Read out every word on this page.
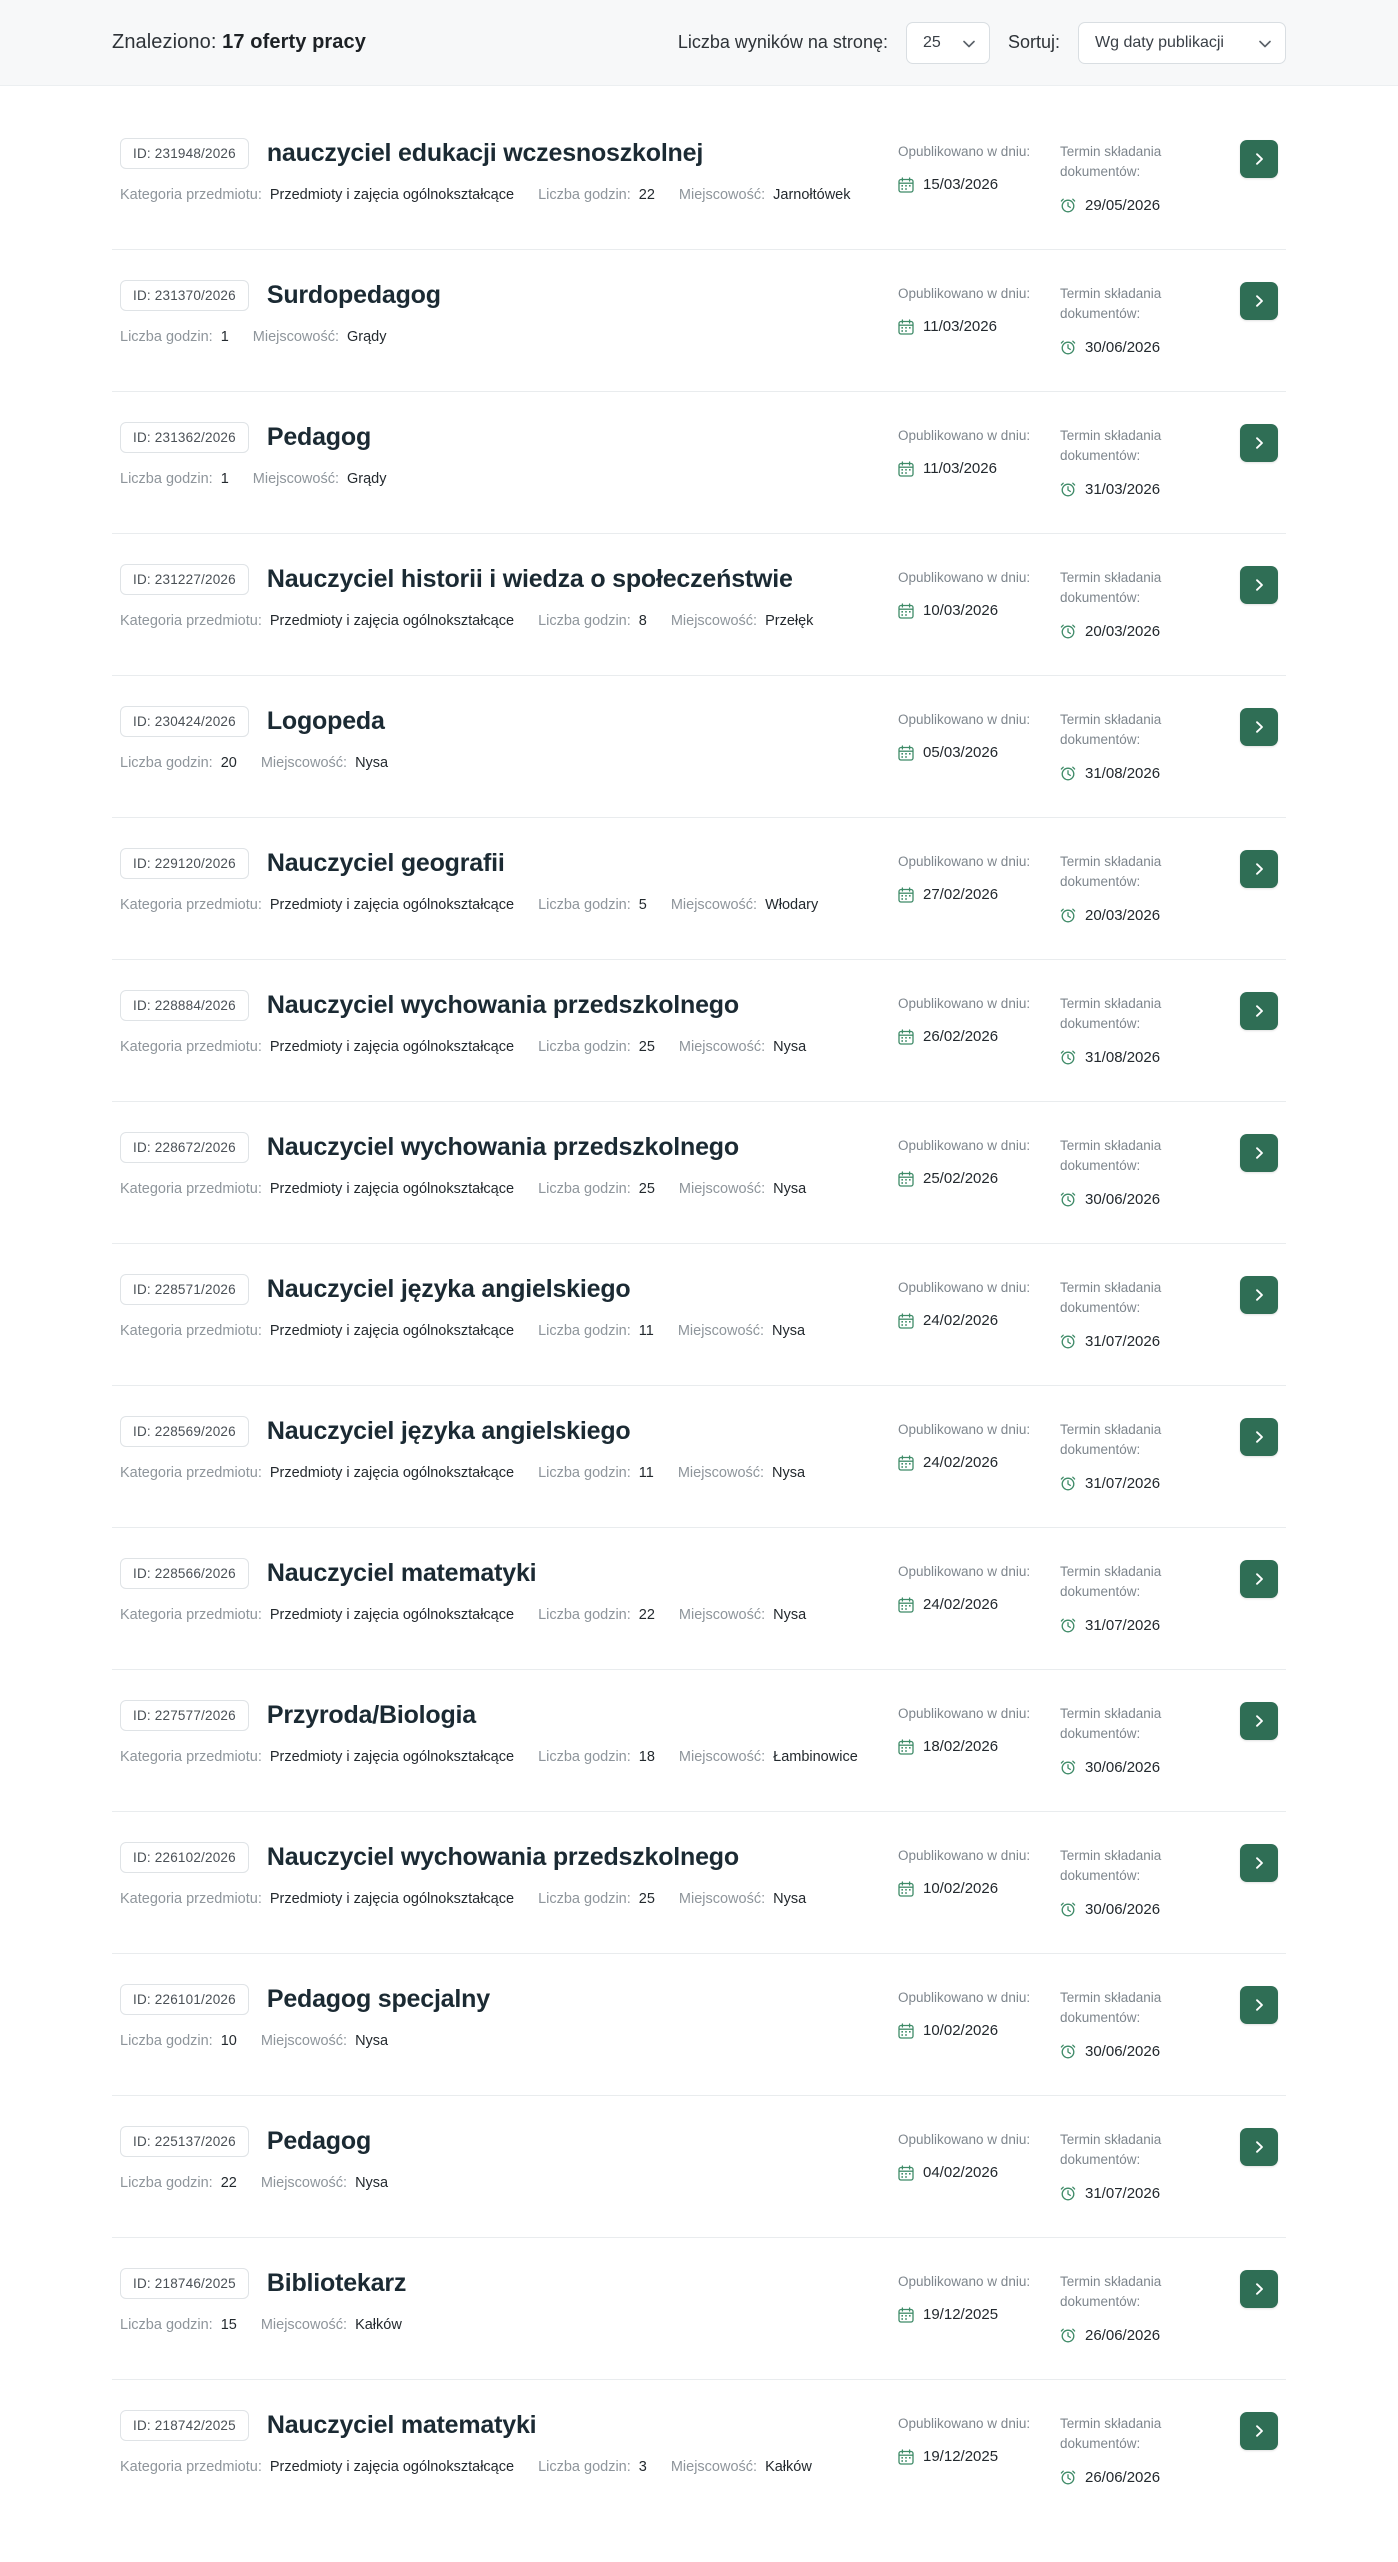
Znaleziono: 17 oferty pracy	Liczba wyników na stronę: 25	Sortuj: Wg daty publikacji
ID: 231948/2026	nauczyciel edukacji wczesnoszkolnej
Kategoria przedmiotu: Przedmioty i zajęcia ogólnokształcące Liczba godzin: 22 Miejscowość: Jarnołtówek
Opublikowano w dniu:
15/03/2026
Termin składania dokumentów:
29/05/2026
ID: 231370/2026	Surdopedagog
Liczba godzin: 1 Miejscowość: Grądy
Opublikowano w dniu:
11/03/2026
Termin składania dokumentów:
30/06/2026
ID: 231362/2026	Pedagog
Liczba godzin: 1 Miejscowość: Grądy
Opublikowano w dniu:
11/03/2026
Termin składania dokumentów:
31/03/2026
ID: 231227/2026	Nauczyciel historii i wiedza o społeczeństwie
Kategoria przedmiotu: Przedmioty i zajęcia ogólnokształcące Liczba godzin: 8 Miejscowość: Przełęk
Opublikowano w dniu:
10/03/2026
Termin składania dokumentów:
20/03/2026
ID: 230424/2026	Logopeda
Liczba godzin: 20 Miejscowość: Nysa
Opublikowano w dniu:
05/03/2026
Termin składania dokumentów:
31/08/2026
ID: 229120/2026	Nauczyciel geografii
Kategoria przedmiotu: Przedmioty i zajęcia ogólnokształcące Liczba godzin: 5 Miejscowość: Włodary
Opublikowano w dniu:
27/02/2026
Termin składania dokumentów:
20/03/2026
ID: 228884/2026	Nauczyciel wychowania przedszkolnego
Kategoria przedmiotu: Przedmioty i zajęcia ogólnokształcące Liczba godzin: 25 Miejscowość: Nysa
Opublikowano w dniu:
26/02/2026
Termin składania dokumentów:
31/08/2026
ID: 228672/2026	Nauczyciel wychowania przedszkolnego
Kategoria przedmiotu: Przedmioty i zajęcia ogólnokształcące Liczba godzin: 25 Miejscowość: Nysa
Opublikowano w dniu:
25/02/2026
Termin składania dokumentów:
30/06/2026
ID: 228571/2026	Nauczyciel języka angielskiego
Kategoria przedmiotu: Przedmioty i zajęcia ogólnokształcące Liczba godzin: 11 Miejscowość: Nysa
Opublikowano w dniu:
24/02/2026
Termin składania dokumentów:
31/07/2026
ID: 228569/2026	Nauczyciel języka angielskiego
Kategoria przedmiotu: Przedmioty i zajęcia ogólnokształcące Liczba godzin: 11 Miejscowość: Nysa
Opublikowano w dniu:
24/02/2026
Termin składania dokumentów:
31/07/2026
ID: 228566/2026	Nauczyciel matematyki
Kategoria przedmiotu: Przedmioty i zajęcia ogólnokształcące Liczba godzin: 22 Miejscowość: Nysa
Opublikowano w dniu:
24/02/2026
Termin składania dokumentów:
31/07/2026
ID: 227577/2026	Przyroda/Biologia
Kategoria przedmiotu: Przedmioty i zajęcia ogólnokształcące Liczba godzin: 18 Miejscowość: Łambinowice
Opublikowano w dniu:
18/02/2026
Termin składania dokumentów:
30/06/2026
ID: 226102/2026	Nauczyciel wychowania przedszkolnego
Kategoria przedmiotu: Przedmioty i zajęcia ogólnokształcące Liczba godzin: 25 Miejscowość: Nysa
Opublikowano w dniu:
10/02/2026
Termin składania dokumentów:
30/06/2026
ID: 226101/2026	Pedagog specjalny
Liczba godzin: 10 Miejscowość: Nysa
Opublikowano w dniu:
10/02/2026
Termin składania dokumentów:
30/06/2026
ID: 225137/2026	Pedagog
Liczba godzin: 22 Miejscowość: Nysa
Opublikowano w dniu:
04/02/2026
Termin składania dokumentów:
31/07/2026
ID: 218746/2025	Bibliotekarz
Liczba godzin: 15 Miejscowość: Kałków
Opublikowano w dniu:
19/12/2025
Termin składania dokumentów:
26/06/2026
ID: 218742/2025	Nauczyciel matematyki
Kategoria przedmiotu: Przedmioty i zajęcia ogólnokształcące Liczba godzin: 3 Miejscowość: Kałków
Opublikowano w dniu:
19/12/2025
Termin składania dokumentów:
26/06/2026
